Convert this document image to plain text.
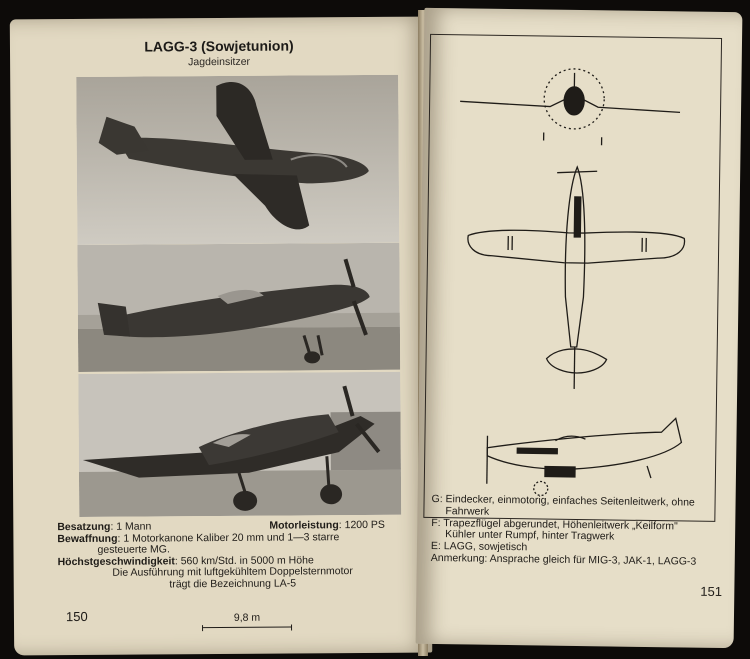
LAGG-3 (Sowjetunion)
Jagdeinsitzer
Besatzung: 1 Mann	Motorleistung: 1200 PS
Bewaffnung: 1 Motorkanone Kaliber 20 mm und 1—3 starre
gesteuerte MG.
Höchstgeschwindigkeit: 560 km/Std. in 5000 m Höhe
Die Ausführung mit luftgekühltem Doppelsternmotor
trägt die Bezeichnung LA-5
9,8 m
150
G: Eindecker, einmotorig, einfaches Seitenleitwerk, ohne
Fahrwerk
F: Trapezflügel abgerundet, Höhenleitwerk „Keilform"
Kühler unter Rumpf, hinter Tragwerk
E: LAGG, sowjetisch
Anmerkung: Ansprache gleich für MIG-3, JAK-1, LAGG-3
151
